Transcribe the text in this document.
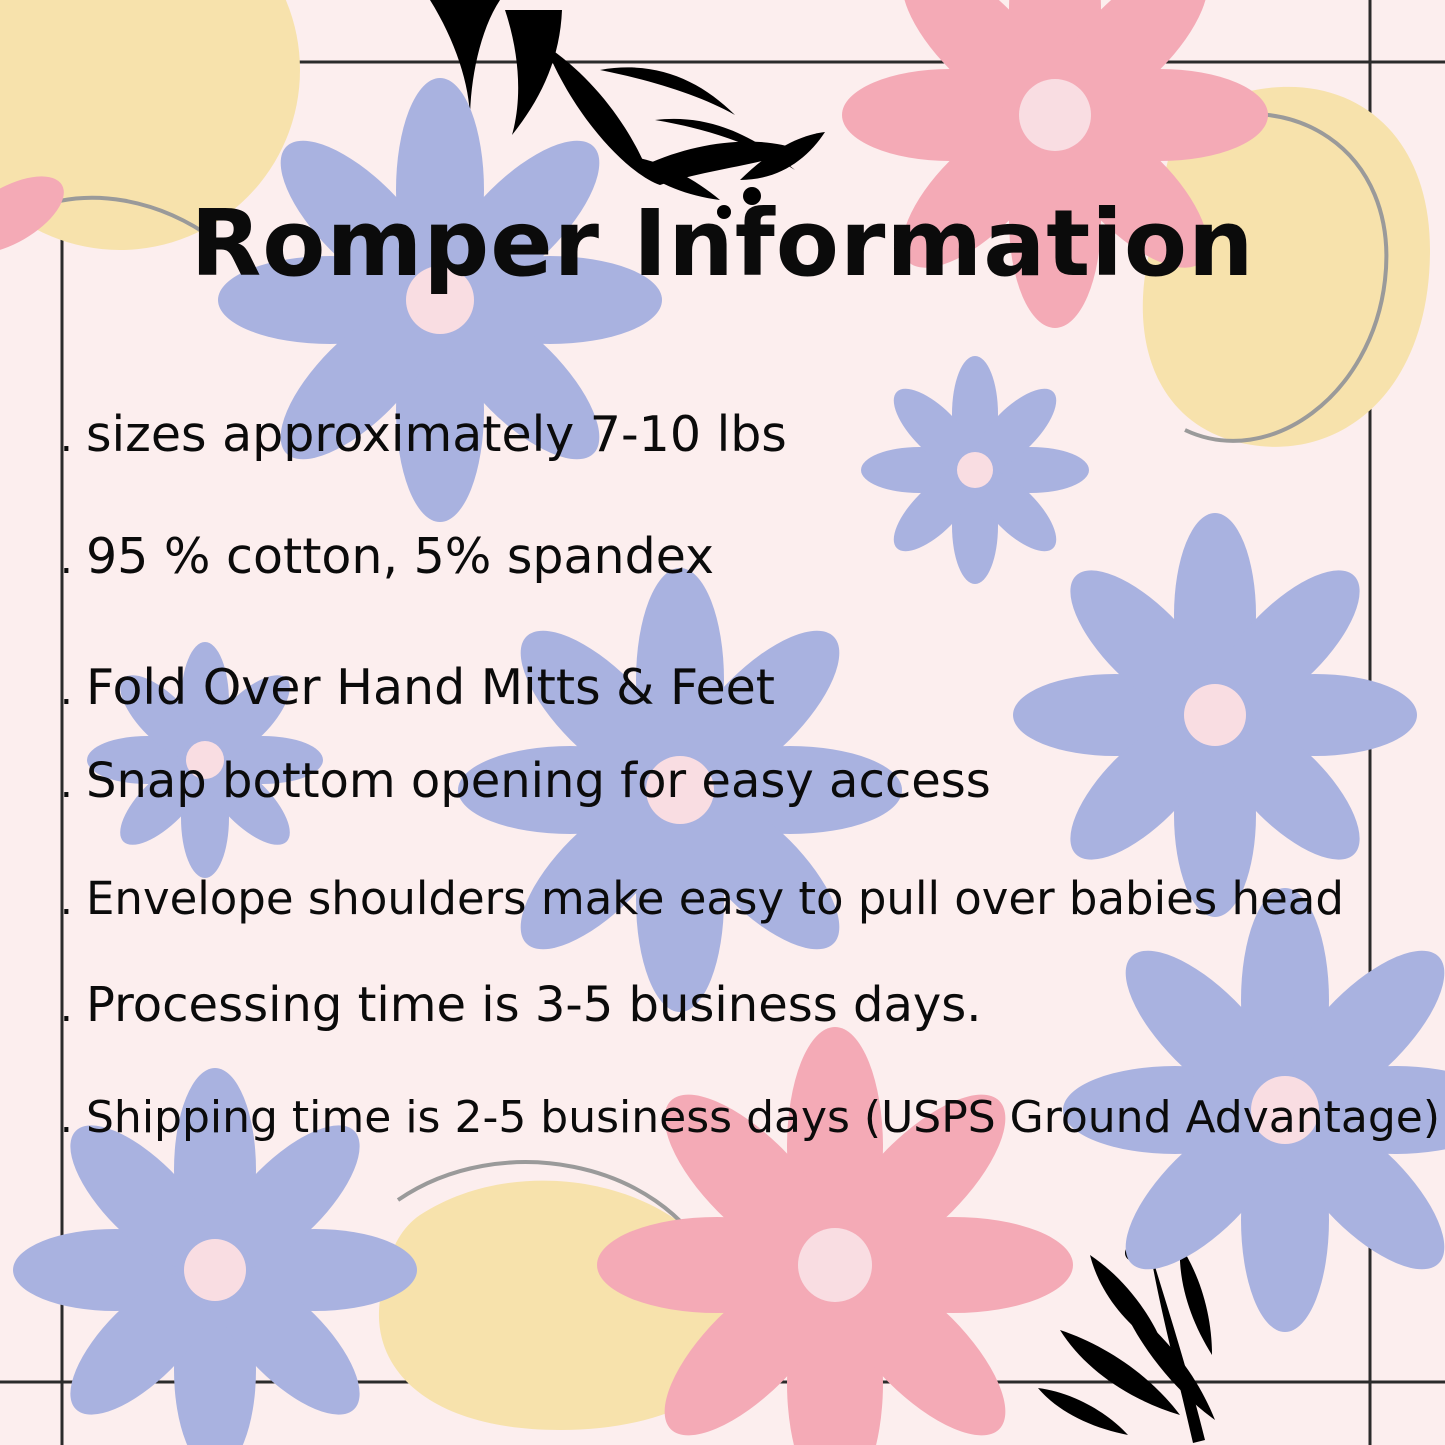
Romper Information
. sizes approximately 7-10 lbs
. 95 % cotton, 5% spandex
. Fold Over Hand Mitts & Feet
. Snap bottom opening for easy access
. Envelope shoulders make easy to pull over babies head
. Processing time is 3-5 business days.
. Shipping time is 2-5 business days (USPS Ground Advantage)
